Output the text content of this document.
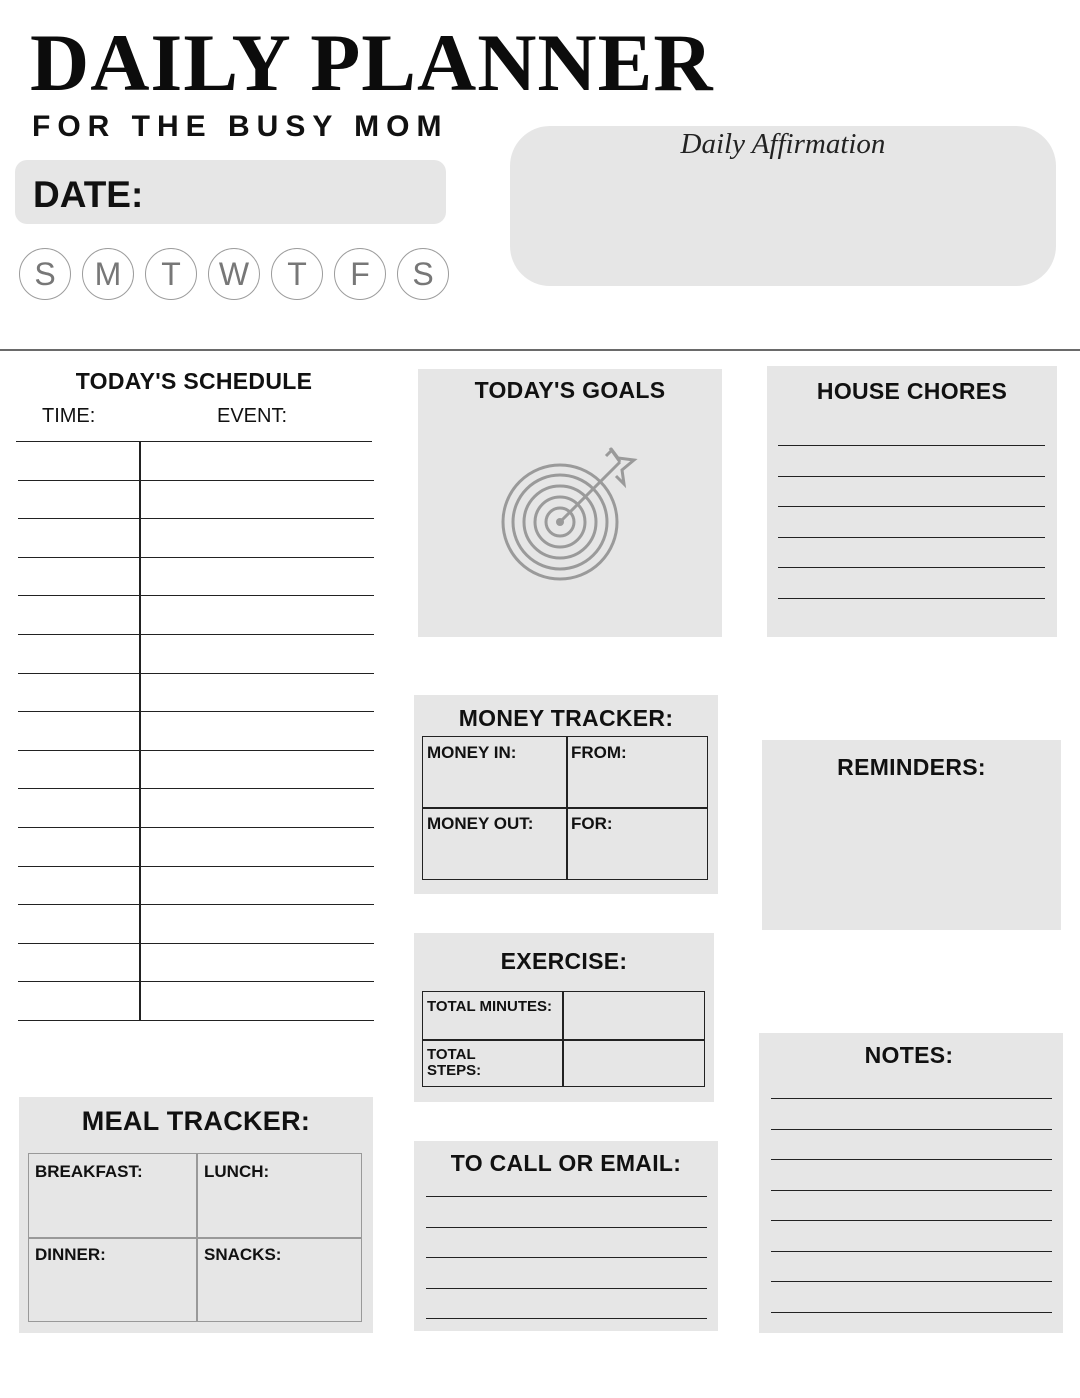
DAILY PLANNER
FOR THE BUSY MOM
DATE:
S	M	T	W	T	F	S
Daily Affirmation
TODAY'S SCHEDULE
TIME:	EVENT:
TODAY'S GOALS	HOUSE CHORES
MONEY TRACKER:
MONEY IN:	FROM:
MONEY OUT: FOR:
REMINDERS:
EXERCISE:
TOTAL MINUTES:
TOTAL STEPS:
NOTES:
MEAL TRACKER:
BREAKFAST:	LUNCH:
DINNER:	SNACKS:
TO CALL OR EMAIL:
